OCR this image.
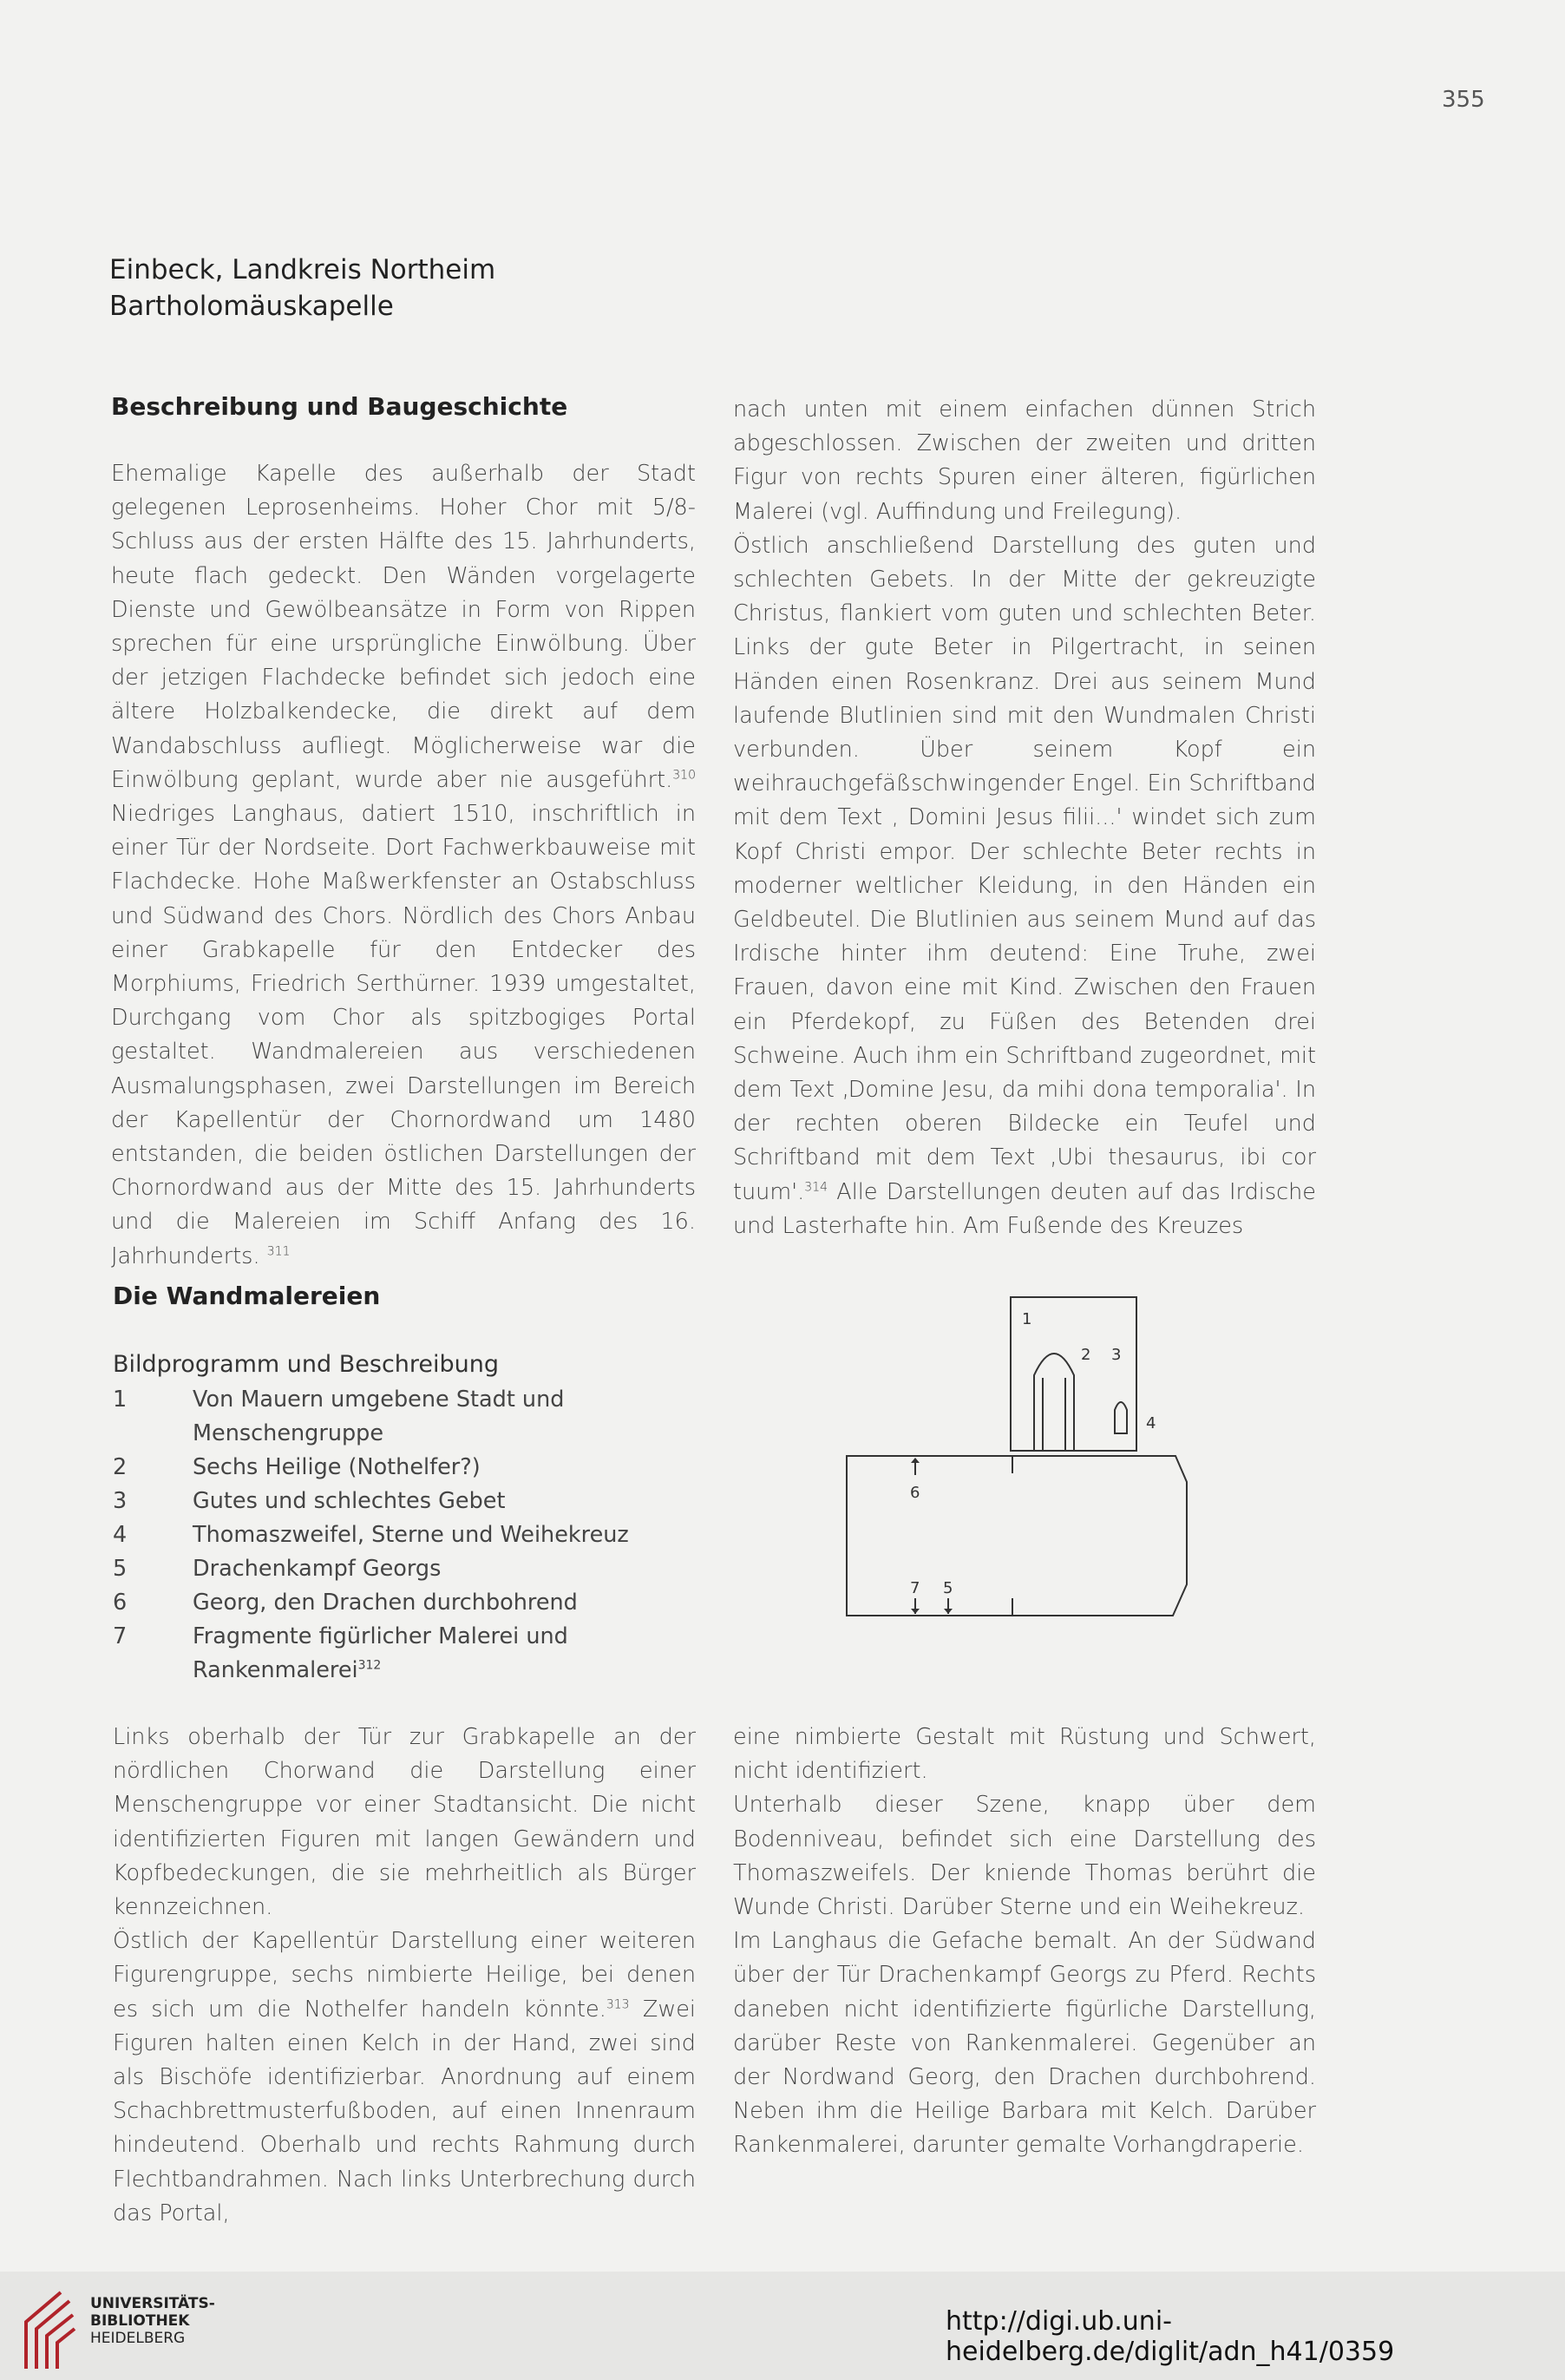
355
Einbeck, Landkreis Northeim
Bartholomäuskapelle
Beschreibung und Baugeschichte

Ehemalige Kapelle des außerhalb der Stadt gelegenen Leprosenheims. Hoher Chor mit 5/8-Schluss aus der ersten Hälfte des 15. Jahrhunderts, heute flach gedeckt. Den Wänden vorgelagerte Dienste und Gewölbeansätze in Form von Rippen sprechen für eine ursprüngliche Einwölbung. Über der jetzigen Flachdecke befindet sich jedoch eine ältere Holzbalkendecke, die direkt auf dem Wandabschluss aufliegt. Möglicherweise war die Einwölbung geplant, wurde aber nie ausgeführt.$^{310}$ Niedriges Langhaus, datiert 1510, inschriftlich in einer Tür der Nordseite. Dort Fachwerkbauweise mit Flachdecke. Hohe Maßwerkfenster an Ostabschluss und Südwand des Chors. Nördlich des Chors Anbau einer Grabkapelle für den Entdecker des Morphiums, Friedrich Serthürner. 1939 umgestaltet, Durchgang vom Chor als spitzbogiges Portal gestaltet. Wandmalereien aus verschiedenen Ausmalungsphasen, zwei Darstellungen im Bereich der Kapellentür der Chornordwand um 1480 entstanden, die beiden östlichen Darstellungen der Chornordwand aus der Mitte des 15. Jahrhunderts und die Malereien im Schiff Anfang des 16. Jahrhunderts. $^{311}$

nach unten mit einem einfachen dünnen Strich abgeschlossen. Zwischen der zweiten und dritten Figur von rechts Spuren einer älteren, figürlichen Malerei (vgl. Auffindung und Freilegung).

Östlich anschließend Darstellung des guten und schlechten Gebets. In der Mitte der gekreuzigte Christus, flankiert vom guten und schlechten Beter. Links der gute Beter in Pilgertracht, in seinen Händen einen Rosenkranz. Drei aus seinem Mund laufende Blutlinien sind mit den Wundmalen Christi verbunden. Über seinem Kopf ein weihrauchgefäßschwingender Engel. Ein Schriftband mit dem Text , Domini Jesus filii...' windet sich zum Kopf Christi empor. Der schlechte Beter rechts in moderner weltlicher Kleidung, in den Händen ein Geldbeutel. Die Blutlinien aus seinem Mund auf das Irdische hinter ihm deutend: Eine Truhe, zwei Frauen, davon eine mit Kind. Zwischen den Frauen ein Pferdekopf, zu Füßen des Betenden drei Schweine. Auch ihm ein Schriftband zugeordnet, mit dem Text ‚Domine Jesu, da mihi dona temporalia'. In der rechten oberen Bildecke ein Teufel und Schriftband mit dem Text ‚Ubi thesaurus, ibi cor tuum'.$^{314}$ Alle Darstellungen deuten auf das Irdische und Lasterhafte hin. Am Fußende des Kreuzes

Die Wandmalereien
Bildprogramm und Beschreibung
1	Von Mauern umgebene Stadt und Menschengruppe
2	Sechs Heilige (Nothelfer?)
3	Gutes und schlechtes Gebet
4	Thomaszweifel, Sterne und Weihekreuz
5	Drachenkampf Georgs
6	Georg, den Drachen durchbohrend
7	Fragmente figürlicher Malerei und Rankenmalerei$^{312}$
1
2 3
4
6
7 5

Links oberhalb der Tür zur Grabkapelle an der nördlichen Chorwand die Darstellung einer Menschengruppe vor einer Stadtansicht. Die nicht identifizierten Figuren mit langen Gewändern und Kopfbedeckungen, die sie mehrheitlich als Bürger kennzeichnen.

Östlich der Kapellentür Darstellung einer weiteren Figurengruppe, sechs nimbierte Heilige, bei denen es sich um die Nothelfer handeln könnte.$^{313}$ Zwei Figuren halten einen Kelch in der Hand, zwei sind als Bischöfe identifizierbar. Anordnung auf einem Schachbrettmusterfußboden, auf einen Innenraum hindeutend. Oberhalb und rechts Rahmung durch Flechtbandrahmen. Nach links Unterbrechung durch das Portal,

eine nimbierte Gestalt mit Rüstung und Schwert, nicht identifiziert.

Unterhalb dieser Szene, knapp über dem Bodenniveau, befindet sich eine Darstellung des Thomaszweifels. Der kniende Thomas berührt die Wunde Christi. Darüber Sterne und ein Weihekreuz.

Im Langhaus die Gefache bemalt. An der Südwand über der Tür Drachenkampf Georgs zu Pferd. Rechts daneben nicht identifizierte figürliche Darstellung, darüber Reste von Rankenmalerei. Gegenüber an der Nordwand Georg, den Drachen durchbohrend. Neben ihm die Heilige Barbara mit Kelch. Darüber Rankenmalerei, darunter gemalte Vorhangdraperie.

UNIVERSITÄTS-
BIBLIOTHEK
HEIDELBERG
http://digi.ub.uni-heidelberg.de/diglit/adn_h41/0359
